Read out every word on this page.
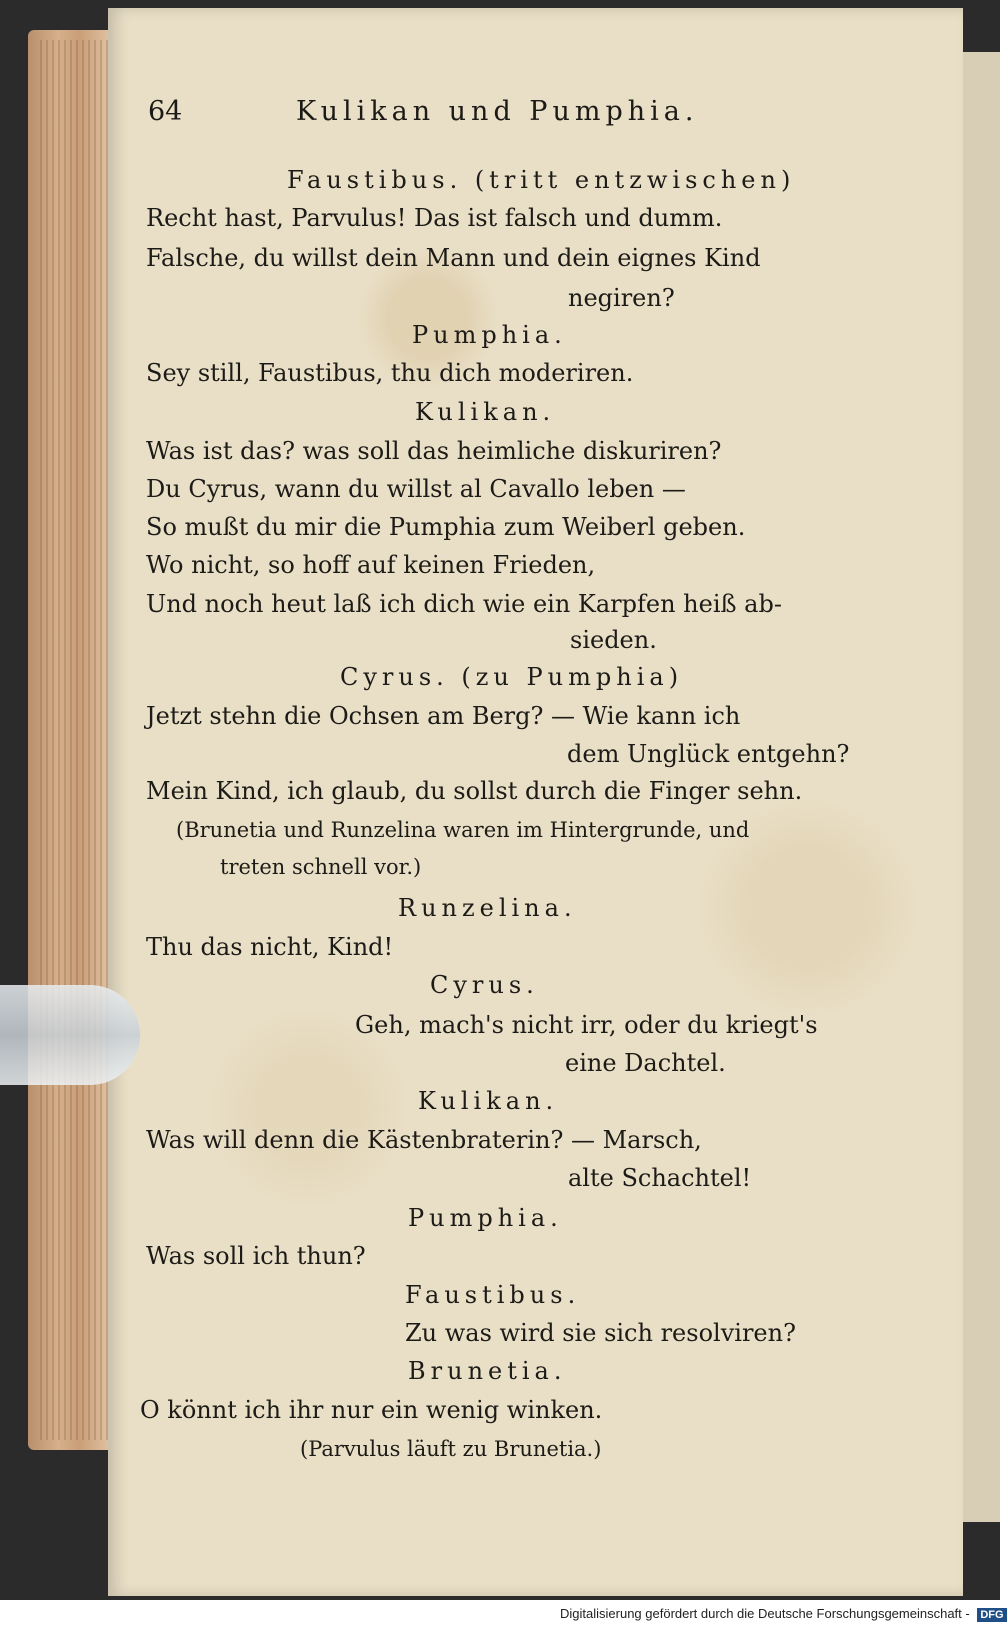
64	Kulikan und Pumphia.
Faustibus. (tritt entzwischen)
Recht hast, Parvulus! Das ist falsch und dumm.
Falsche, du willst dein Mann und dein eignes Kind
negiren?
Pumphia.
Sey still, Faustibus, thu dich moderiren.
Kulikan.
Was ist das? was soll das heimliche diskuriren?
Du Cyrus, wann du willst al Cavallo leben —
So mußt du mir die Pumphia zum Weiberl geben.
Wo nicht, so hoff auf keinen Frieden,
Und noch heut laß ich dich wie ein Karpfen heiß ab-
sieden.
Cyrus. (zu Pumphia)
Jetzt stehn die Ochsen am Berg? — Wie kann ich
dem Unglück entgehn?
Mein Kind, ich glaub, du sollst durch die Finger sehn.
(Brunetia und Runzelina waren im Hintergrunde, und
treten schnell vor.)
Runzelina.
Thu das nicht, Kind!
Cyrus.
Geh, mach's nicht irr, oder du kriegt's
eine Dachtel.
Kulikan.
Was will denn die Kästenbraterin? — Marsch,
alte Schachtel!
Pumphia.
Was soll ich thun?
Faustibus.
Zu was wird sie sich resolviren?
Brunetia.
O könnt ich ihr nur ein wenig winken.
(Parvulus läuft zu Brunetia.)
Digitalisierung gefördert durch die Deutsche Forschungsgemeinschaft - DFG
